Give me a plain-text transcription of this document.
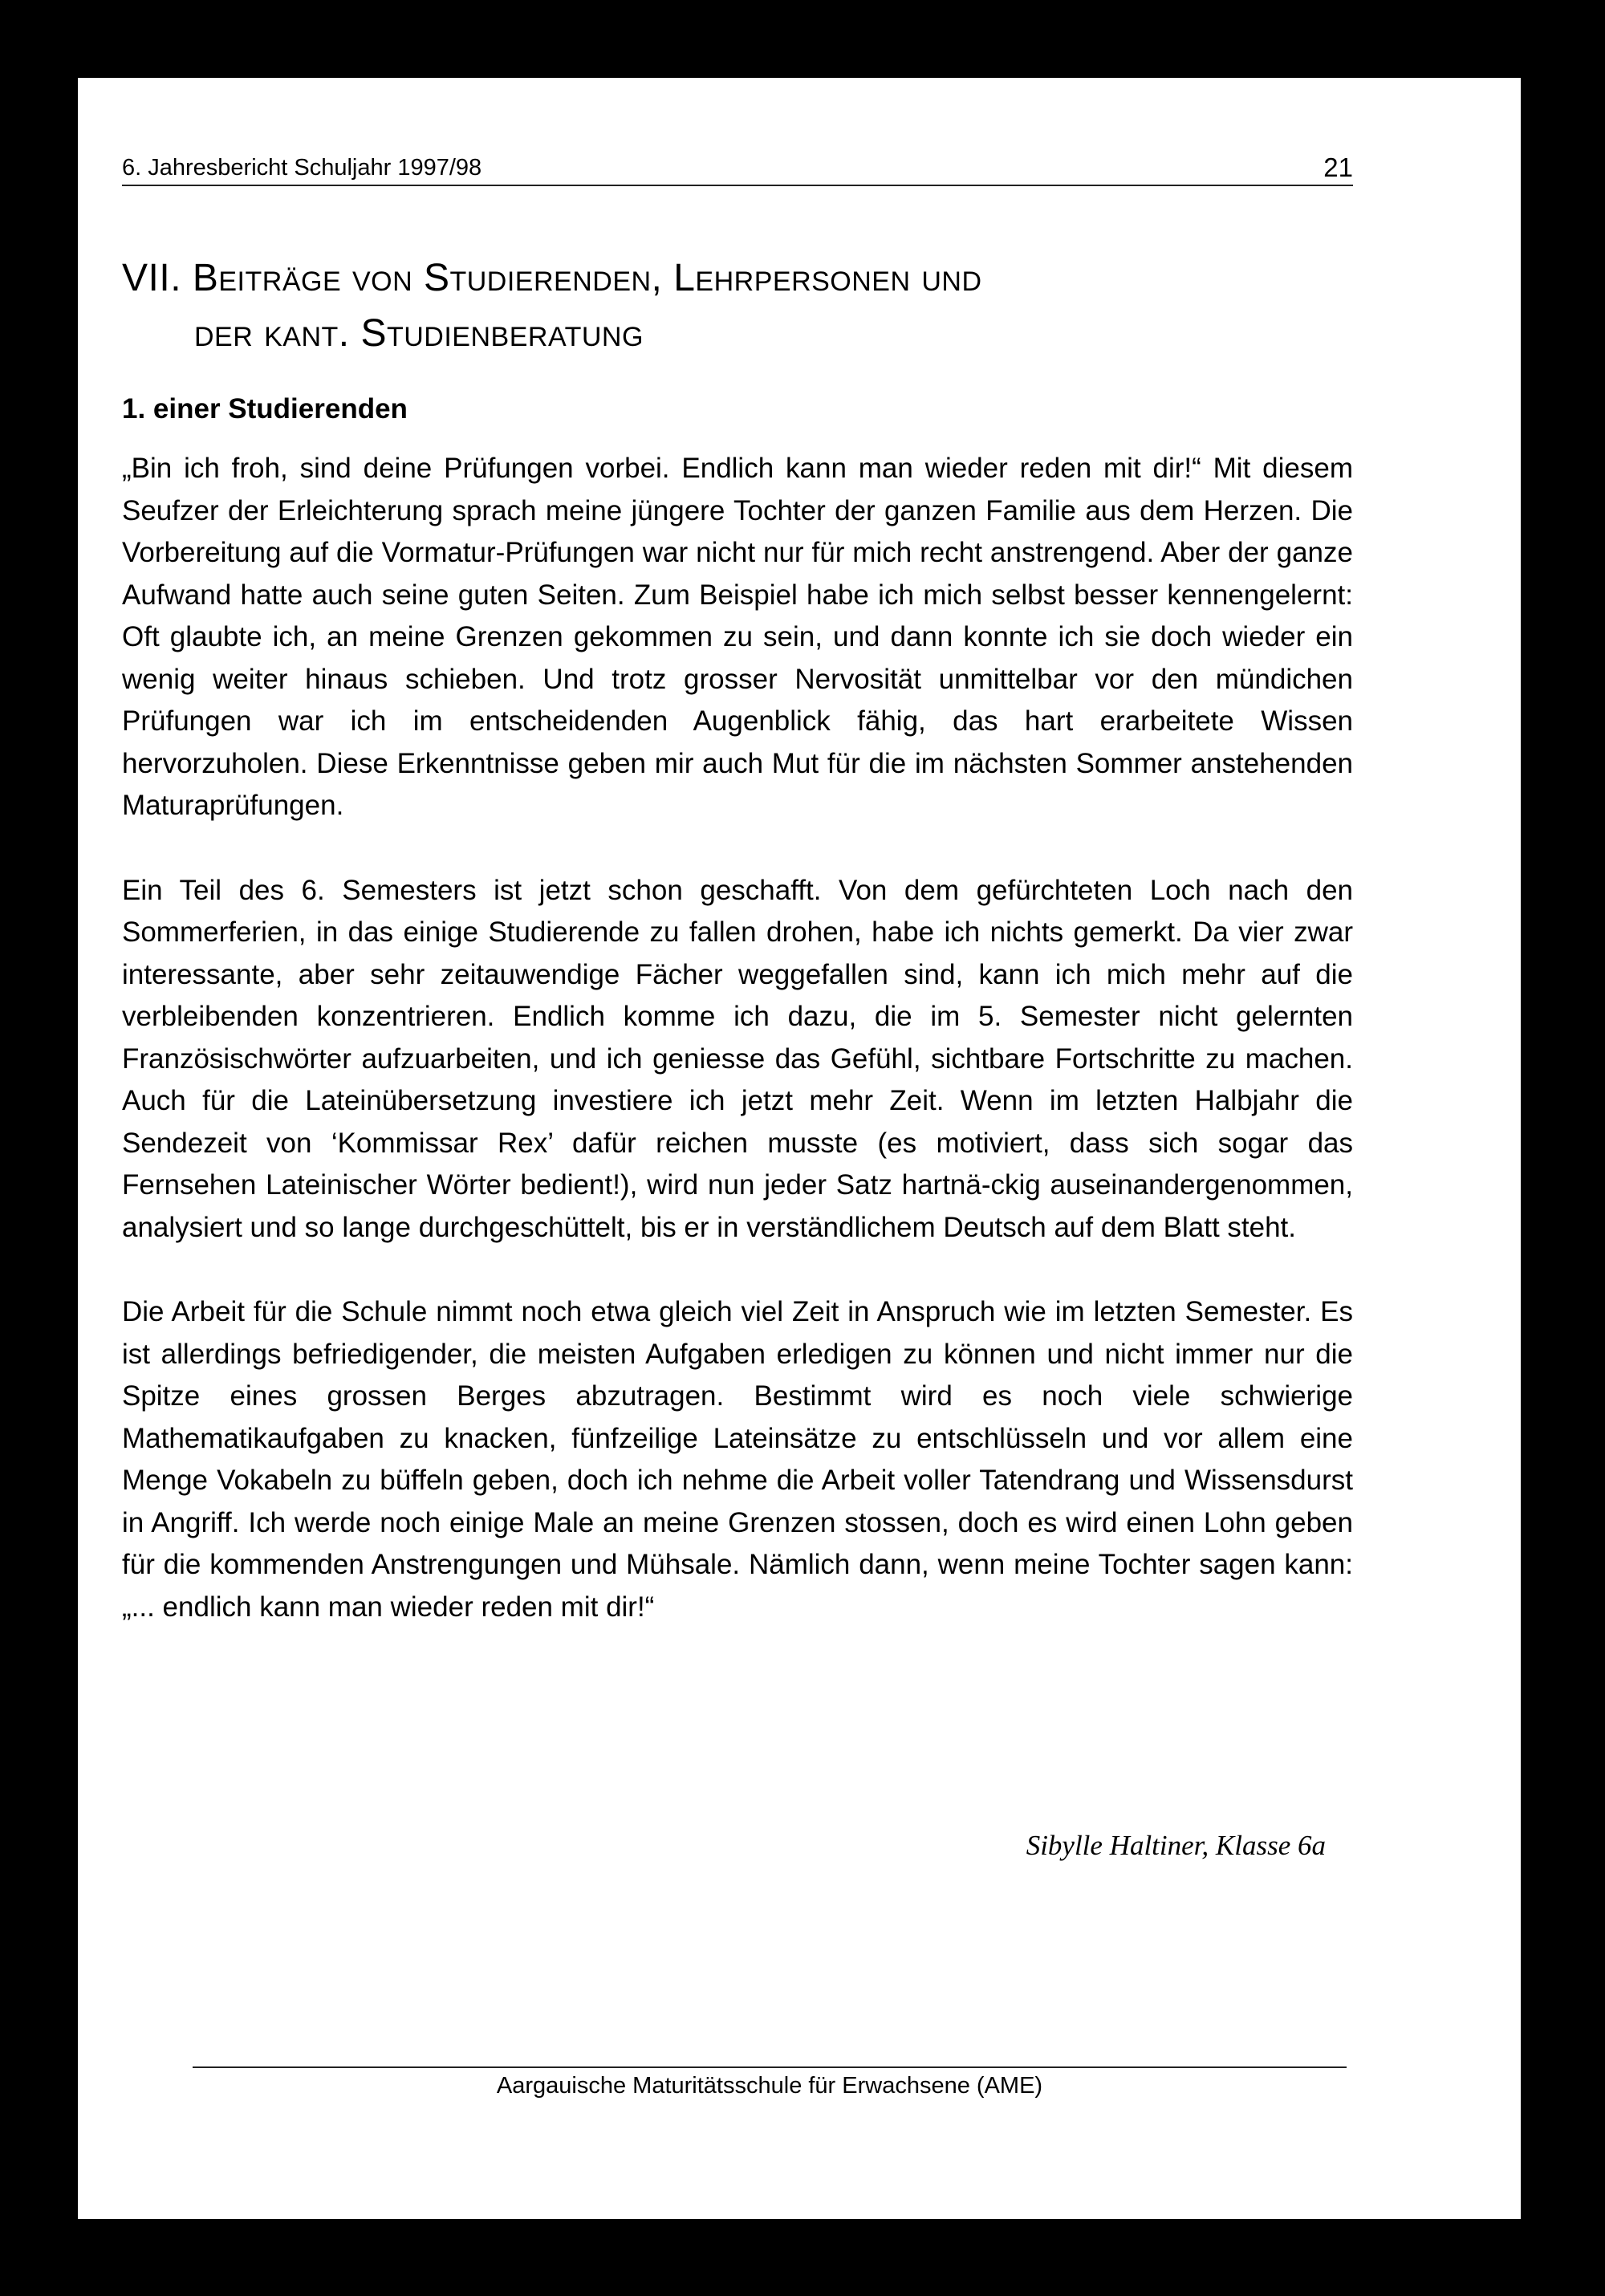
6. Jahresbericht Schuljahr 1997/98	21
VII. Beiträge von Studierenden, Lehrpersonen und
der kant. Studienberatung
1. einer Studierenden

„Bin ich froh, sind deine Prüfungen vorbei. Endlich kann man wieder reden mit dir!“ Mit diesem Seufzer der Erleichterung sprach meine jüngere Tochter der ganzen Familie aus dem Herzen. Die Vorbereitung auf die Vormatur-Prüfungen war nicht nur für mich recht anstrengend. Aber der ganze Aufwand hatte auch seine guten Seiten. Zum Beispiel habe ich mich selbst besser kennengelernt: Oft glaubte ich, an meine Grenzen gekommen zu sein, und dann konnte ich sie doch wieder ein wenig weiter hinaus schieben. Und trotz grosser Nervosität unmittelbar vor den mündichen Prüfungen war ich im entscheidenden Augenblick fähig, das hart erarbeitete Wissen hervorzuholen. Diese Erkenntnisse geben mir auch Mut für die im nächsten Sommer anstehenden Maturaprüfungen.

Ein Teil des 6. Semesters ist jetzt schon geschafft. Von dem gefürchteten Loch nach den Sommerferien, in das einige Studierende zu fallen drohen, habe ich nichts gemerkt. Da vier zwar interessante, aber sehr zeitauwendige Fächer weggefallen sind, kann ich mich mehr auf die verbleibenden konzentrieren. Endlich komme ich dazu, die im 5. Semester nicht gelernten Französischwörter aufzuarbeiten, und ich geniesse das Gefühl, sichtbare Fortschritte zu machen. Auch für die Lateinübersetzung investiere ich jetzt mehr Zeit. Wenn im letzten Halbjahr die Sendezeit von ‘Kommissar Rex’ dafür reichen musste (es motiviert, dass sich sogar das Fernsehen Lateinischer Wörter bedient!), wird nun jeder Satz hartnä-ckig auseinandergenommen, analysiert und so lange durchgeschüttelt, bis er in verständlichem Deutsch auf dem Blatt steht.

Die Arbeit für die Schule nimmt noch etwa gleich viel Zeit in Anspruch wie im letzten Semester. Es ist allerdings befriedigender, die meisten Aufgaben erledigen zu können und nicht immer nur die Spitze eines grossen Berges abzutragen. Bestimmt wird es noch viele schwierige Mathematikaufgaben zu knacken, fünfzeilige Lateinsätze zu entschlüsseln und vor allem eine Menge Vokabeln zu büffeln geben, doch ich nehme die Arbeit voller Tatendrang und Wissensdurst in Angriff. Ich werde noch einige Male an meine Grenzen stossen, doch es wird einen Lohn geben für die kommenden Anstrengungen und Mühsale. Nämlich dann, wenn meine Tochter sagen kann: „... endlich kann man wieder reden mit dir!“

Sibylle Haltiner, Klasse 6a
Aargauische Maturitätsschule für Erwachsene (AME)
